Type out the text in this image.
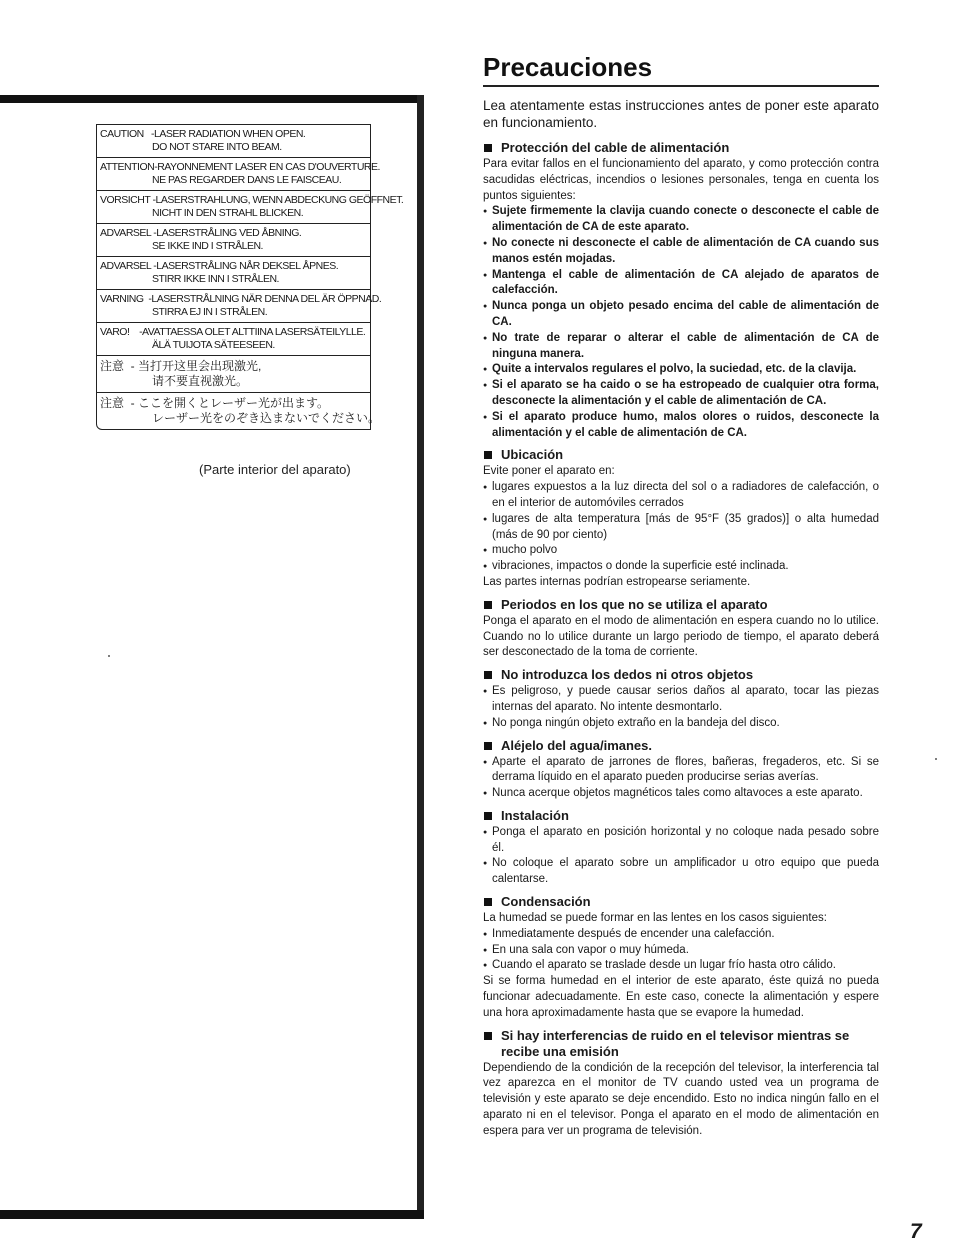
CAUTION   -LASER RADIATION WHEN OPEN.
DO NOT STARE INTO BEAM.
ATTENTION-RAYONNEMENT LASER EN CAS D'OUVERTURE.
NE PAS REGARDER DANS LE FAISCEAU.
VORSICHT -LASERSTRAHLUNG, WENN ABDECKUNG GEÖFFNET.
NICHT IN DEN STRAHL BLICKEN.
ADVARSEL -LASERSTRÅLING VED ÅBNING.
SE IKKE IND I STRÅLEN.
ADVARSEL -LASERSTRÅLING NÅR DEKSEL ÅPNES.
STIRR IKKE INN I STRÅLEN.
VARNING  -LASERSTRÅLNING NÄR DENNA DEL ÄR ÖPPNAD.
STIRRA EJ IN I STRÅLEN.
VARO!    -AVATTAESSA OLET ALTTIINA LASERSÄTEILYLLE.
ÄLÄ TUIJOTA SÄTEESEEN.
注意  - 当打开这里会出现激光,
请不要直视激光。
注意  - ここを開くとレーザー光が出ます。
レーザー光をのぞき込まないでください。
(Parte interior del aparato)
Precauciones
Lea atentamente estas instrucciones antes de poner este aparato en funcionamiento.
Protección del cable de alimentación

Para evitar fallos en el funcionamiento del aparato, y como protección contra sacudidas eléctricas, incendios o lesiones personales, tenga en cuenta los puntos siguientes:

● Sujete firmemente la clavija cuando conecte o desconecte el cable de alimentación de CA de este aparato.
● No conecte ni desconecte el cable de alimentación de CA cuando sus manos estén mojadas.
● Mantenga el cable de alimentación de CA alejado de aparatos de calefacción.
● Nunca ponga un objeto pesado encima del cable de alimentación de CA.
● No trate de reparar o alterar el cable de alimentación de CA de ninguna manera.
● Quite a intervalos regulares el polvo, la suciedad, etc. de la clavija.
● Si el aparato se ha caido o se ha estropeado de cualquier otra forma, desconecte la alimentación y el cable de alimentación de CA.
● Si el aparato produce humo, malos olores o ruidos, desconecte la alimentación y el cable de alimentación de CA.
Ubicación

Evite poner el aparato en:

● lugares expuestos a la luz directa del sol o a radiadores de calefacción, o en el interior de automóviles cerrados
● lugares de alta temperatura [más de 95°F (35 grados)] o alta humedad (más de 90 por ciento)
● mucho polvo
● vibraciones, impactos o donde la superficie esté inclinada.

Las partes internas podrían estropearse seriamente.

Periodos en los que no se utiliza el aparato

Ponga el aparato en el modo de alimentación en espera cuando no lo utilice. Cuando no lo utilice durante un largo periodo de tiempo, el aparato deberá ser desconectado de la toma de corriente.

No introduzca los dedos ni otros objetos
● Es peligroso, y puede causar serios daños al aparato, tocar las piezas internas del aparato. No intente desmontarlo.
● No ponga ningún objeto extraño en la bandeja del disco.
Aléjelo del agua/imanes.
● Aparte el aparato de jarrones de flores, bañeras, fregaderos, etc. Si se derrama líquido en el aparato pueden producirse serias averías.
● Nunca acerque objetos magnéticos tales como altavoces a este aparato.
Instalación
● Ponga el aparato en posición horizontal y no coloque nada pesado sobre él.
● No coloque el aparato sobre un amplificador u otro equipo que pueda calentarse.
Condensación

La humedad se puede formar en las lentes en los casos siguientes:

● Inmediatamente después de encender una calefacción.
● En una sala con vapor o muy húmeda.
● Cuando el aparato se traslade desde un lugar frío hasta otro cálido.

Si se forma humedad en el interior de este aparato, éste quizá no pueda funcionar adecuadamente. En este caso, conecte la alimentación y espere una hora aproximadamente hasta que se evapore la humedad.

Si hay interferencias de ruido en el televisor mientras se recibe una emisión

Dependiendo de la condición de la recepción del televisor, la interferencia tal vez aparezca en el monitor de TV cuando usted vea un programa de televisión y este aparato se deje encendido. Esto no indica ningún fallo en el aparato ni en el televisor. Ponga el aparato en el modo de alimentación en espera para ver un programa de televisión.

7
